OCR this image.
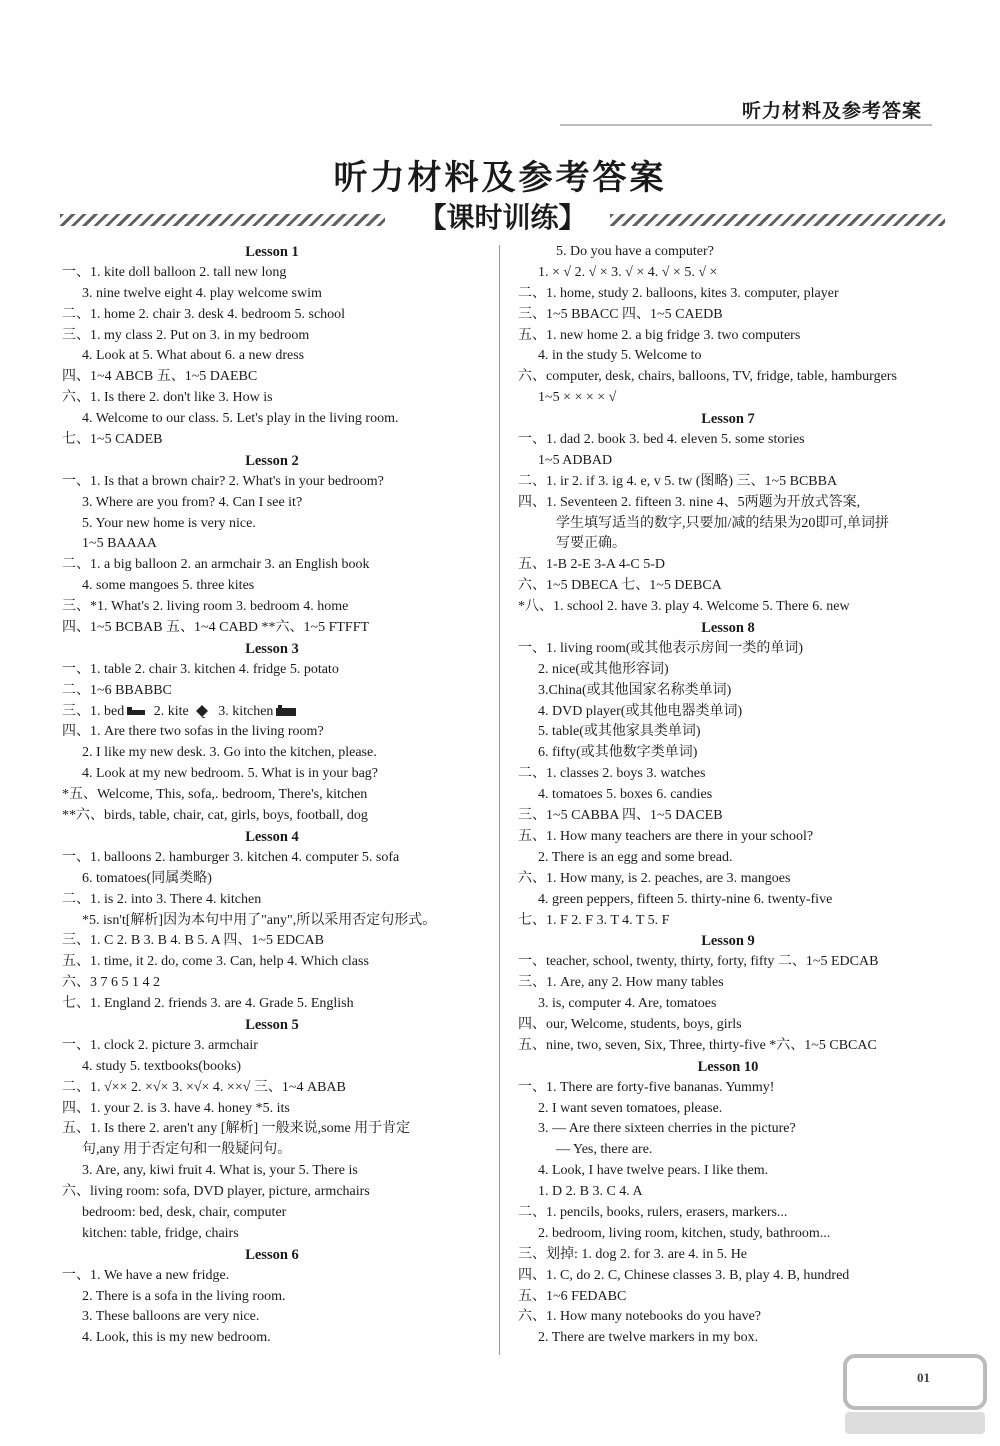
听力材料及参考答案
听力材料及参考答案
【课时训练】
Lesson 1
一、1. kite doll balloon 2. tall new long
3. nine twelve eight 4. play welcome swim
二、1. home 2. chair 3. desk 4. bedroom 5. school
三、1. my class 2. Put on 3. in my bedroom
4. Look at 5. What about 6. a new dress
四、1~4 ABCB 五、1~5 DAEBC
六、1. Is there 2. don't like 3. How is
4. Welcome to our class. 5. Let's play in the living room.
七、1~5 CADEB
Lesson 2
一、1. Is that a brown chair? 2. What's in your bedroom?
3. Where are you from? 4. Can I see it?
5. Your new home is very nice.
1~5 BAAAA
二、1. a big balloon 2. an armchair 3. an English book
4. some mangoes 5. three kites
三、*1. What's 2. living room 3. bedroom 4. home
四、1~5 BCBAB 五、1~4 CABD **六、1~5 FTFFT
Lesson 3
一、1. table 2. chair 3. kitchen 4. fridge 5. potato
二、1~6 BBABBC
三、1. bed 2. kite 3. kitchen
四、1. Are there two sofas in the living room?
2. I like my new desk. 3. Go into the kitchen, please.
4. Look at my new bedroom. 5. What is in your bag?
*五、Welcome, This, sofa,. bedroom, There's, kitchen
**六、birds, table, chair, cat, girls, boys, football, dog
Lesson 4
一、1. balloons 2. hamburger 3. kitchen 4. computer 5. sofa
6. tomatoes(同属类略)
二、1. is 2. into 3. There 4. kitchen
*5. isn't[解析]因为本句中用了"any",所以采用否定句形式。
三、1. C 2. B 3. B 4. B 5. A 四、1~5 EDCAB
五、1. time, it 2. do, come 3. Can, help 4. Which class
六、3 7 6 5 1 4 2
七、1. England 2. friends 3. are 4. Grade 5. English
Lesson 5
一、1. clock 2. picture 3. armchair
4. study 5. textbooks(books)
二、1. √×× 2. ×√× 3. ×√× 4. ××√ 三、1~4 ABAB
四、1. your 2. is 3. have 4. honey *5. its
五、1. Is there 2. aren't any [解析] 一般来说,some 用于肯定
句,any 用于否定句和一般疑问句。
3. Are, any, kiwi fruit 4. What is, your 5. There is
六、living room: sofa, DVD player, picture, armchairs
bedroom: bed, desk, chair, computer
kitchen: table, fridge, chairs
Lesson 6
一、1. We have a new fridge.
2. There is a sofa in the living room.
3. These balloons are very nice.
4. Look, this is my new bedroom.
5. Do you have a computer?
1. × √ 2. √ × 3. √ × 4. √ × 5. √ ×
二、1. home, study 2. balloons, kites 3. computer, player
三、1~5 BBACC 四、1~5 CAEDB
五、1. new home 2. a big fridge 3. two computers
4. in the study 5. Welcome to
六、computer, desk, chairs, balloons, TV, fridge, table, hamburgers
1~5 × × × × √
Lesson 7
一、1. dad 2. book 3. bed 4. eleven 5. some stories
1~5 ADBAD
二、1. ir 2. if 3. ig 4. e, v 5. tw (图略) 三、1~5 BCBBA
四、1. Seventeen 2. fifteen 3. nine 4、5两题为开放式答案,
学生填写适当的数字,只要加/减的结果为20即可,单词拼
写要正确。
五、1-B 2-E 3-A 4-C 5-D
六、1~5 DBECA 七、1~5 DEBCA
*八、1. school 2. have 3. play 4. Welcome 5. There 6. new
Lesson 8
一、1. living room(或其他表示房间一类的单词)
2. nice(或其他形容词)
3.China(或其他国家名称类单词)
4. DVD player(或其他电器类单词)
5. table(或其他家具类单词)
6. fifty(或其他数字类单词)
二、1. classes 2. boys 3. watches
4. tomatoes 5. boxes 6. candies
三、1~5 CABBA 四、1~5 DACEB
五、1. How many teachers are there in your school?
2. There is an egg and some bread.
六、1. How many, is 2. peaches, are 3. mangoes
4. green peppers, fifteen 5. thirty-nine 6. twenty-five
七、1. F 2. F 3. T 4. T 5. F
Lesson 9
一、teacher, school, twenty, thirty, forty, fifty 二、1~5 EDCAB
三、1. Are, any 2. How many tables
3. is, computer 4. Are, tomatoes
四、our, Welcome, students, boys, girls
五、nine, two, seven, Six, Three, thirty-five *六、1~5 CBCAC
Lesson 10
一、1. There are forty-five bananas. Yummy!
2. I want seven tomatoes, please.
3. — Are there sixteen cherries in the picture?
— Yes, there are.
4. Look, I have twelve pears. I like them.
1. D 2. B 3. C 4. A
二、1. pencils, books, rulers, erasers, markers...
2. bedroom, living room, kitchen, study, bathroom...
三、划掉: 1. dog 2. for 3. are 4. in 5. He
四、1. C, do 2. C, Chinese classes 3. B, play 4. B, hundred
五、1~6 FEDABC
六、1. How many notebooks do you have?
2. There are twelve markers in my box.
01
